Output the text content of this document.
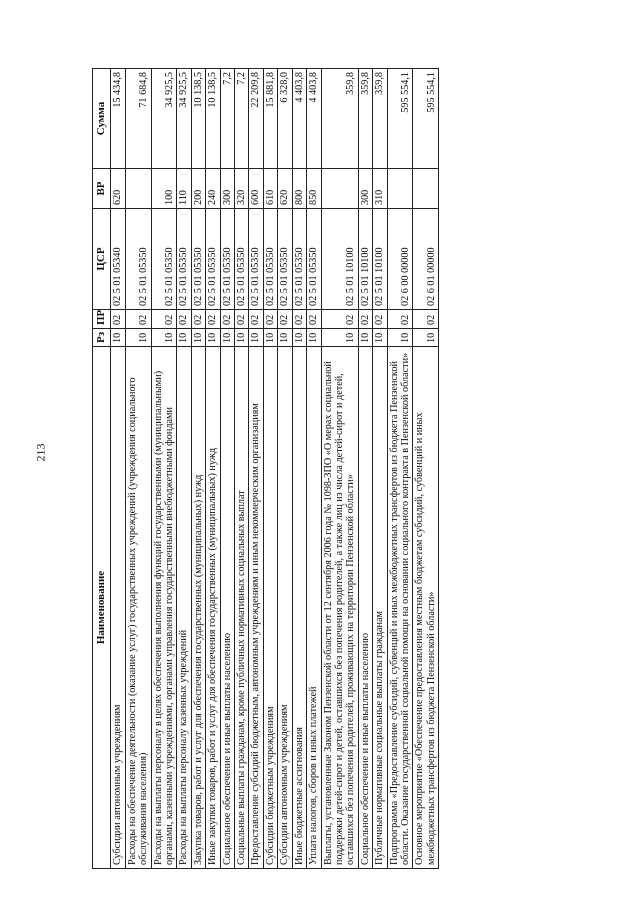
213
Наименование	Рз	ПР	ЦСР	ВР	Сумма
Субсидии автономным учреждениям	10	02	02 5 01 05340	620	15 434,8
Расходы на обеспечение деятельности (оказание услуг) государственных учреждений (учреждения социального обслуживания населения)	10	02	02 5 01 05350		71 684,8
Расходы на выплаты персоналу в целях обеспечения выполнения функций государственными (муниципальными) органами, казенными учреждениями, органами управления государственными внебюджетными фондами	10	02	02 5 01 05350	100	34 925,5
Расходы на выплаты персоналу казенных учреждений	10	02	02 5 01 05350	110	34 925,5
Закупка товаров, работ и услуг для обеспечения государственных (муниципальных) нужд	10	02	02 5 01 05350	200	10 138,5
Иные закупки товаров, работ и услуг для обеспечения государственных (муниципальных) нужд	10	02	02 5 01 05350	240	10 138,5
Социальное обеспечение и иные выплаты населению	10	02	02 5 01 05350	300	7,2
Социальные выплаты гражданам, кроме публичных нормативных социальных выплат	10	02	02 5 01 05350	320	7,2
Предоставление субсидий бюджетным, автономным учреждениям и иным некоммерческим организациям	10	02	02 5 01 05350	600	22 209,8
Субсидии бюджетным учреждениям	10	02	02 5 01 05350	610	15 881,8
Субсидии автономным учреждениям	10	02	02 5 01 05350	620	6 328,0
Иные бюджетные ассигнования	10	02	02 5 01 05350	800	4 403,8
Уплата налогов, сборов и иных платежей	10	02	02 5 01 05350	850	4 403,8
Выплаты, установленные Законом Пензенской области от 12 сентября 2006 года № 1098-ЗПО «О мерах социальной поддержки детей-сирот и детей, оставшихся без попечения родителей, а также лиц из числа детей-сирот и детей, оставшихся без попечения родителей, проживающих на территории Пензенской области»	10	02	02 5 01 10100		359,8
Социальное обеспечение и иные выплаты населению	10	02	02 5 01 10100	300	359,8
Публичные нормативные социальные выплаты гражданам	10	02	02 5 01 10100	310	359,8
Подпрограмма «Предоставление субсидий, субвенций и иных межбюджетных трансфертов из бюджета Пензенской области. Оказание государственной социальной помощи на основании социального контракта в Пензенской области»	10	02	02 6 00 00000		595 554,1
Основное мероприятие «Обеспечение предоставления местным бюджетам субсидий, субвенций и иных межбюджетных трансфертов из бюджета Пензенской области»	10	02	02 6 01 00000		595 554,1
